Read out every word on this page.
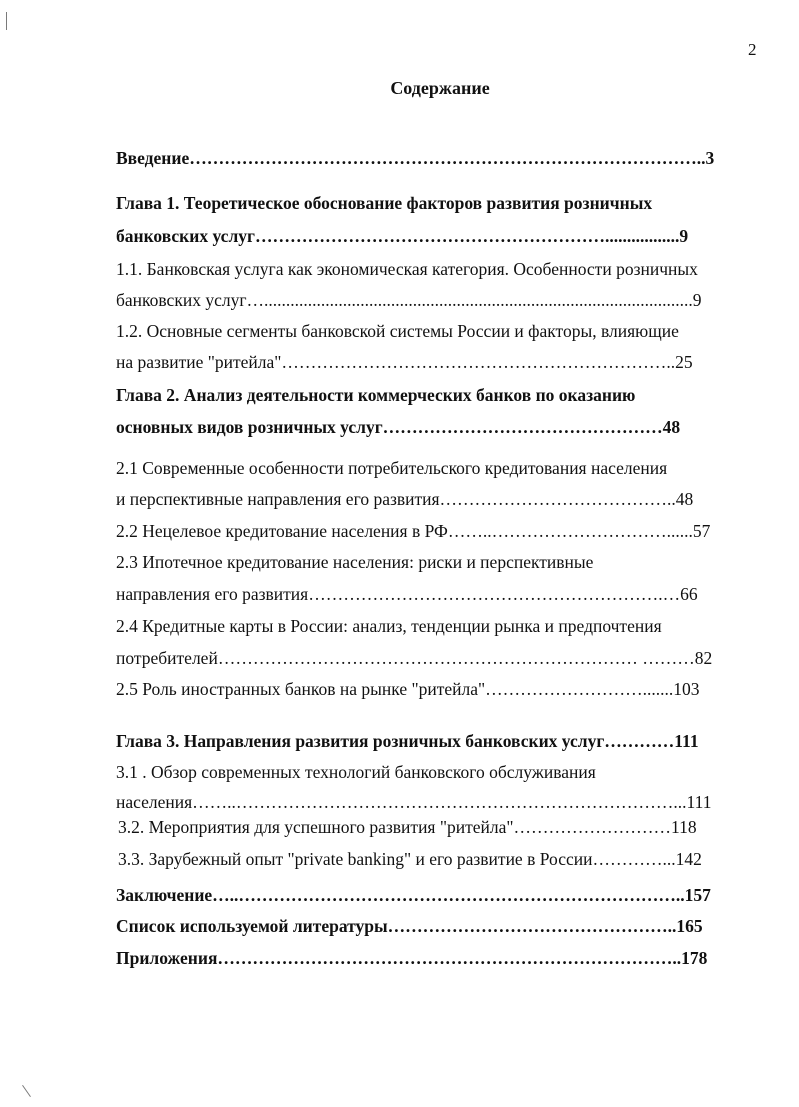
2
Содержание
Введение……………………………………………………………………………..3
Глава 1. Теоретическое обоснование факторов развития розничных
банковских услуг…………………………………………………….................9
1.1. Банковская услуга как экономическая категория. Особенности розничных
банковских услуг…..................................................................................................9
1.2. Основные сегменты банковской системы России и факторы, влияющие
на развитие "ритейла"…………………………………………………………..25
Глава 2. Анализ деятельности коммерческих банков по оказанию
основных видов розничных услуг…………………………………………48
2.1 Современные особенности потребительского кредитования населения
и перспективные направления его развития…………………………………..48
2.2 Нецелевое кредитование населения в РФ……..…………………………......57
2.3 Ипотечное кредитование населения: риски и перспективные
направления его развития…………………………………………………….…66
2.4 Кредитные карты в России: анализ, тенденции рынка и предпочтения
потребителей……………………………………………………………… ………82
2.5 Роль иностранных банков на рынке "ритейла"……………………….......103
Глава 3. Направления развития розничных банковских услуг…………111
3.1 . Обзор современных технологий банковского обслуживания
населения……..…………………………………………………………………...111
3.2. Мероприятия для успешного развития "ритейла"………………………118
3.3. Зарубежный опыт "private banking" и его развитие в России…………...142
Заключение…..…………………………………………………………………..157
Список используемой литературы…………………………………………..165
Приложения……………………………………………………………………..178
